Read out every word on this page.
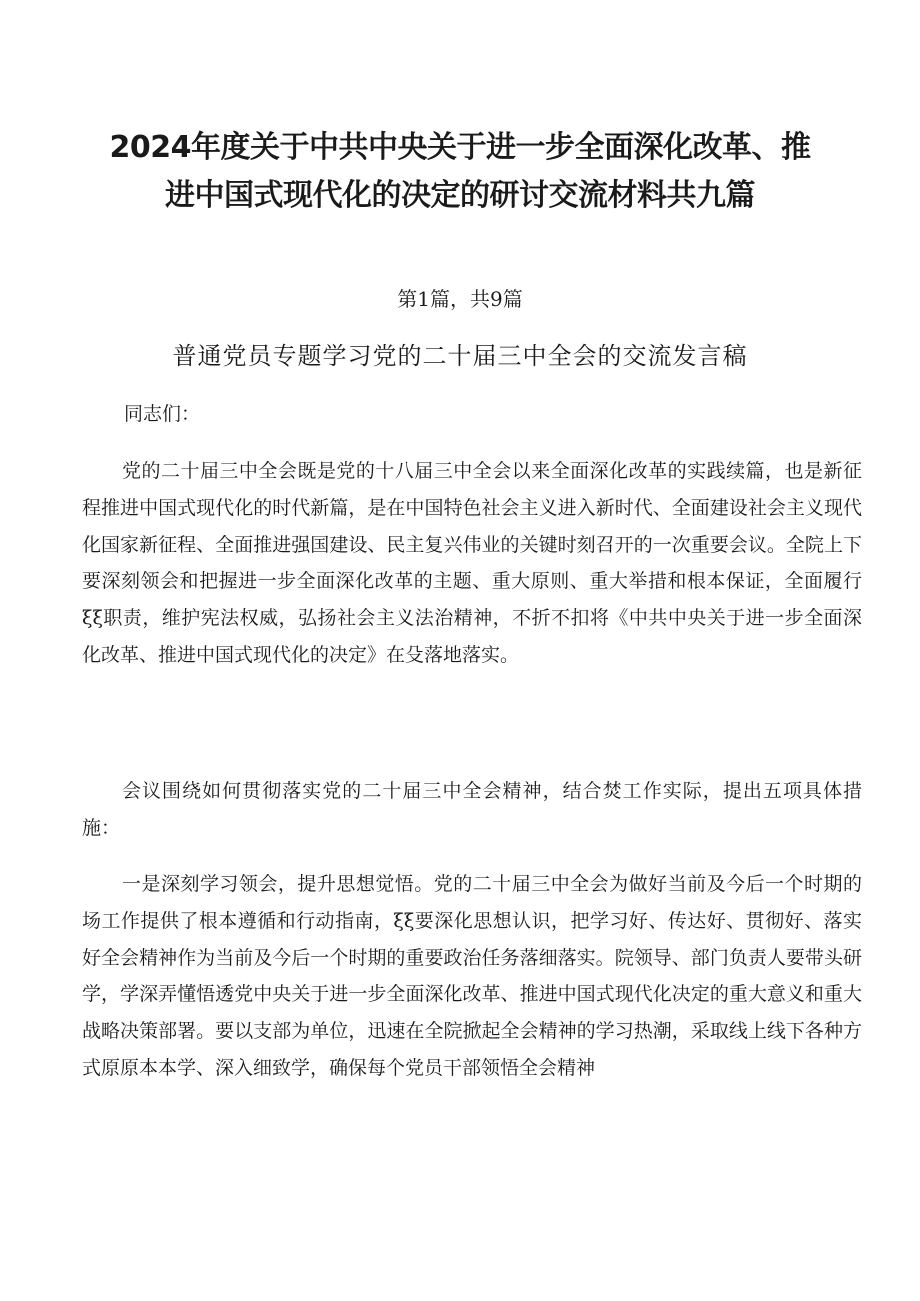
2024年度关于中共中央关于进一步全面深化改革、推
进中国式现代化的决定的研讨交流材料共九篇
第1篇，共9篇
普通党员专题学习党的二十届三中全会的交流发言稿
同志们：

党的二十届三中全会既是党的十八届三中全会以来全面深化改革的实践续篇，也是新征程推进中国式现代化的时代新篇，是在中国特色社会主义进入新时代、全面建设社会主义现代化国家新征程、全面推进强国建设、民主复兴伟业的关键时刻召开的一次重要会议。全院上下要深刻领会和把握进一步全面深化改革的主题、重大原则、重大举措和根本保证，全面履行ξξ职责，维护宪法权威，弘扬社会主义法治精神，不折不扣将《中共中央关于进一步全面深化改革、推进中国式现代化的决定》在殳落地落实。

会议围绕如何贯彻落实党的二十届三中全会精神，结合焚工作实际，提出五项具体措施：

一是深刻学习领会，提升思想觉悟。党的二十届三中全会为做好当前及今后一个时期的场工作提供了根本遵循和行动指南，ξξ要深化思想认识，把学习好、传达好、贯彻好、落实好全会精神作为当前及今后一个时期的重要政治任务落细落实。院领导、部门负责人要带头研学，学深弄懂悟透党中央关于进一步全面深化改革、推进中国式现代化决定的重大意义和重大战略决策部署。要以支部为单位，迅速在全院掀起全会精神的学习热潮，采取线上线下各种方式原原本本学、深入细致学，确保每个党员干部领悟全会精神
